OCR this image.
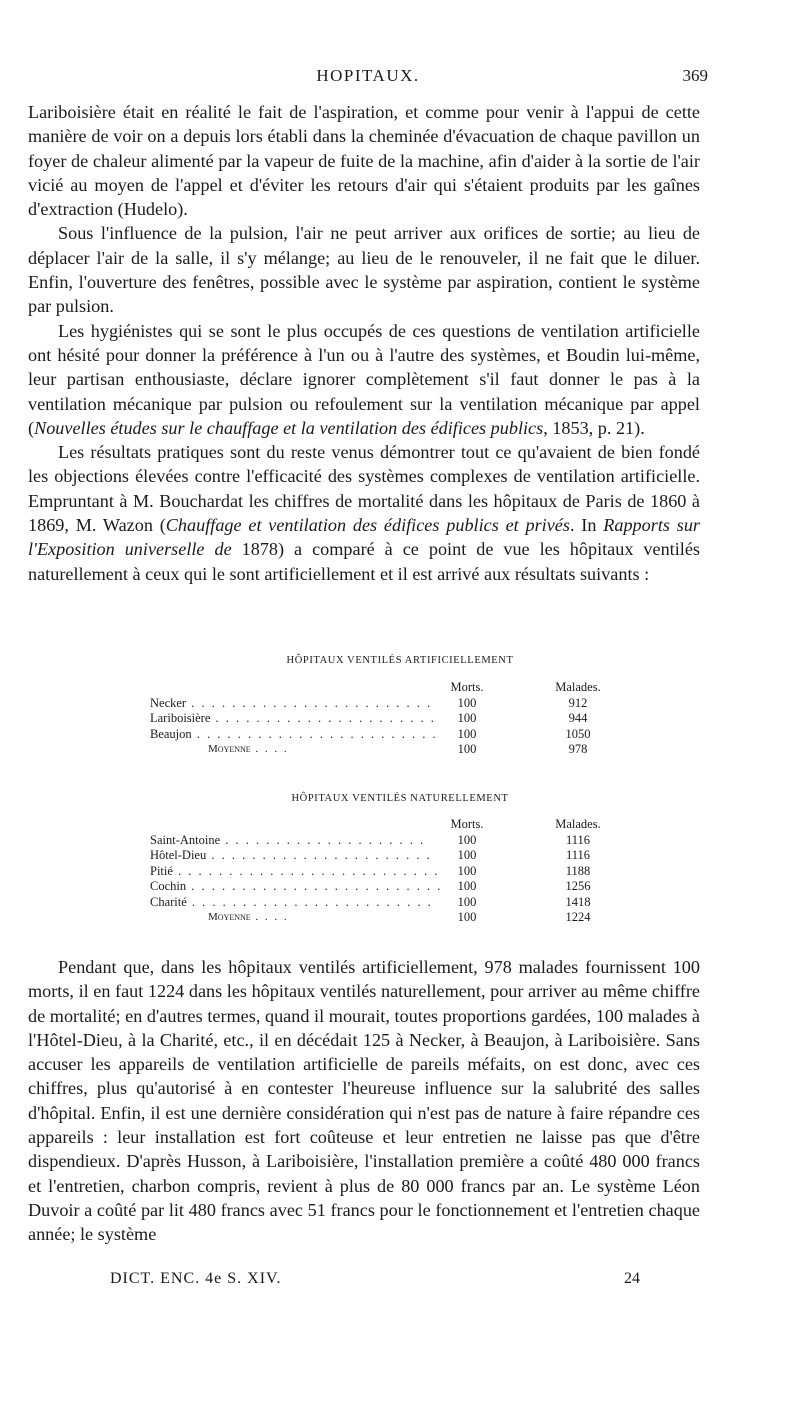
HOPITAUX.	369

Lariboisière était en réalité le fait de l'aspiration, et comme pour venir à l'appui de cette manière de voir on a depuis lors établi dans la cheminée d'évacuation de chaque pavillon un foyer de chaleur alimenté par la vapeur de fuite de la machine, afin d'aider à la sortie de l'air vicié au moyen de l'appel et d'éviter les retours d'air qui s'étaient produits par les gaînes d'extraction (Hudelo).

Sous l'influence de la pulsion, l'air ne peut arriver aux orifices de sortie; au lieu de déplacer l'air de la salle, il s'y mélange; au lieu de le renouveler, il ne fait que le diluer. Enfin, l'ouverture des fenêtres, possible avec le système par aspiration, contient le système par pulsion.

Les hygiénistes qui se sont le plus occupés de ces questions de ventilation artificielle ont hésité pour donner la préférence à l'un ou à l'autre des systèmes, et Boudin lui-même, leur partisan enthousiaste, déclare ignorer complètement s'il faut donner le pas à la ventilation mécanique par pulsion ou refoulement sur la ventilation mécanique par appel (Nouvelles études sur le chauffage et la ventilation des édifices publics, 1853, p. 21).

Les résultats pratiques sont du reste venus démontrer tout ce qu'avaient de bien fondé les objections élevées contre l'efficacité des systèmes complexes de ventilation artificielle. Empruntant à M. Bouchardat les chiffres de mortalité dans les hôpitaux de Paris de 1860 à 1869, M. Wazon (Chauffage et ventilation des édifices publics et privés. In Rapports sur l'Exposition universelle de 1878) a comparé à ce point de vue les hôpitaux ventilés naturellement à ceux qui le sont artificiellement et il est arrivé aux résultats suivants :

HÔPITAUX VENTILÉS ARTIFICIELLEMENT
Morts.	Malades.
Necker . . . . . . . . . . . . . . . . . . . . . . . .	100	912
Lariboisière . . . . . . . . . . . . . . . . . . . . . .	100	944
Beaujon . . . . . . . . . . . . . . . . . . . . . . . .	100	1050
Moyenne . . . .	100	978
HÔPITAUX VENTILÉS NATURELLEMENT
Morts.	Malades.
Saint-Antoine . . . . . . . . . . . . . . . . . . . .	100	1116
Hôtel-Dieu . . . . . . . . . . . . . . . . . . . . . .	100	1116
Pitié . . . . . . . . . . . . . . . . . . . . . . . . . .	100	1188
Cochin . . . . . . . . . . . . . . . . . . . . . . . . .	100	1256
Charité . . . . . . . . . . . . . . . . . . . . . . . .	100	1418
Moyenne . . . .	100	1224

Pendant que, dans les hôpitaux ventilés artificiellement, 978 malades fournissent 100 morts, il en faut 1224 dans les hôpitaux ventilés naturellement, pour arriver au même chiffre de mortalité; en d'autres termes, quand il mourait, toutes proportions gardées, 100 malades à l'Hôtel-Dieu, à la Charité, etc., il en décédait 125 à Necker, à Beaujon, à Lariboisière. Sans accuser les appareils de ventilation artificielle de pareils méfaits, on est donc, avec ces chiffres, plus qu'autorisé à en contester l'heureuse influence sur la salubrité des salles d'hôpital. Enfin, il est une dernière considération qui n'est pas de nature à faire répandre ces appareils : leur installation est fort coûteuse et leur entretien ne laisse pas que d'être dispendieux. D'après Husson, à Lariboisière, l'installation première a coûté 480 000 francs et l'entretien, charbon compris, revient à plus de 80 000 francs par an. Le système Léon Duvoir a coûté par lit 480 francs avec 51 francs pour le fonctionnement et l'entretien chaque année; le système

DICT. ENC. 4e S. XIV.	24
